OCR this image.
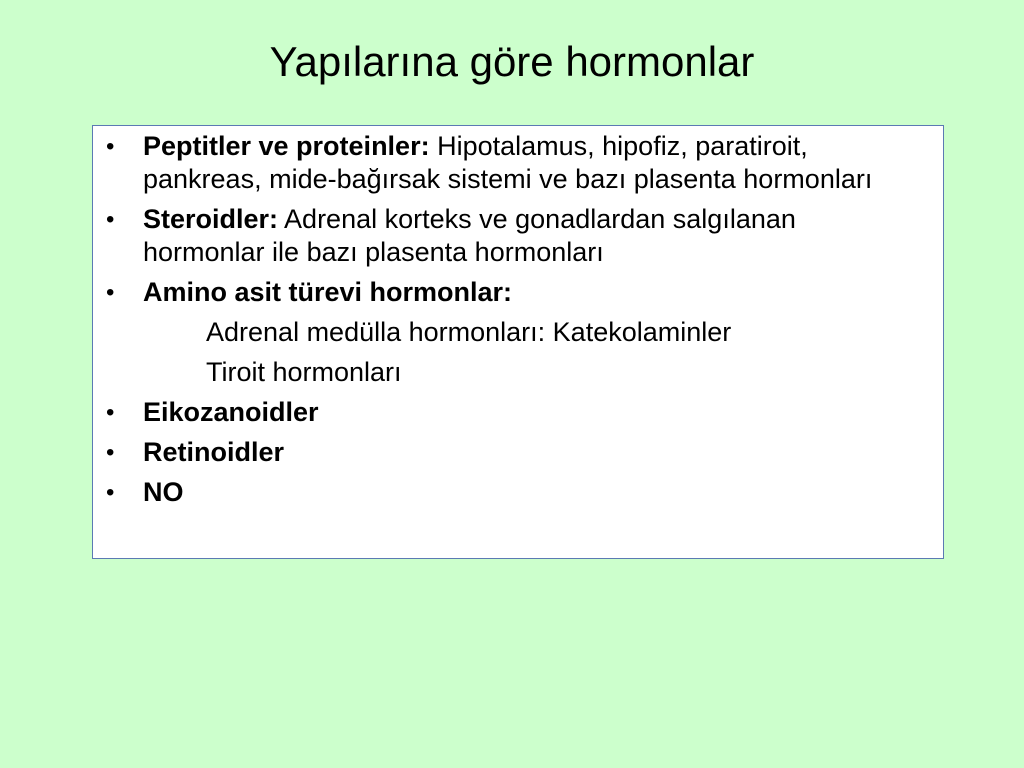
Yapılarına göre hormonlar
• Peptitler ve proteinler: Hipotalamus, hipofiz, paratiroit, pankreas, mide-bağırsak sistemi ve bazı plasenta hormonları
• Steroidler: Adrenal korteks ve gonadlardan salgılanan hormonlar ile bazı plasenta hormonları
• Amino asit türevi hormonlar:
Adrenal medülla hormonları: Katekolaminler
Tiroit hormonları
• Eikozanoidler
• Retinoidler
• NO
